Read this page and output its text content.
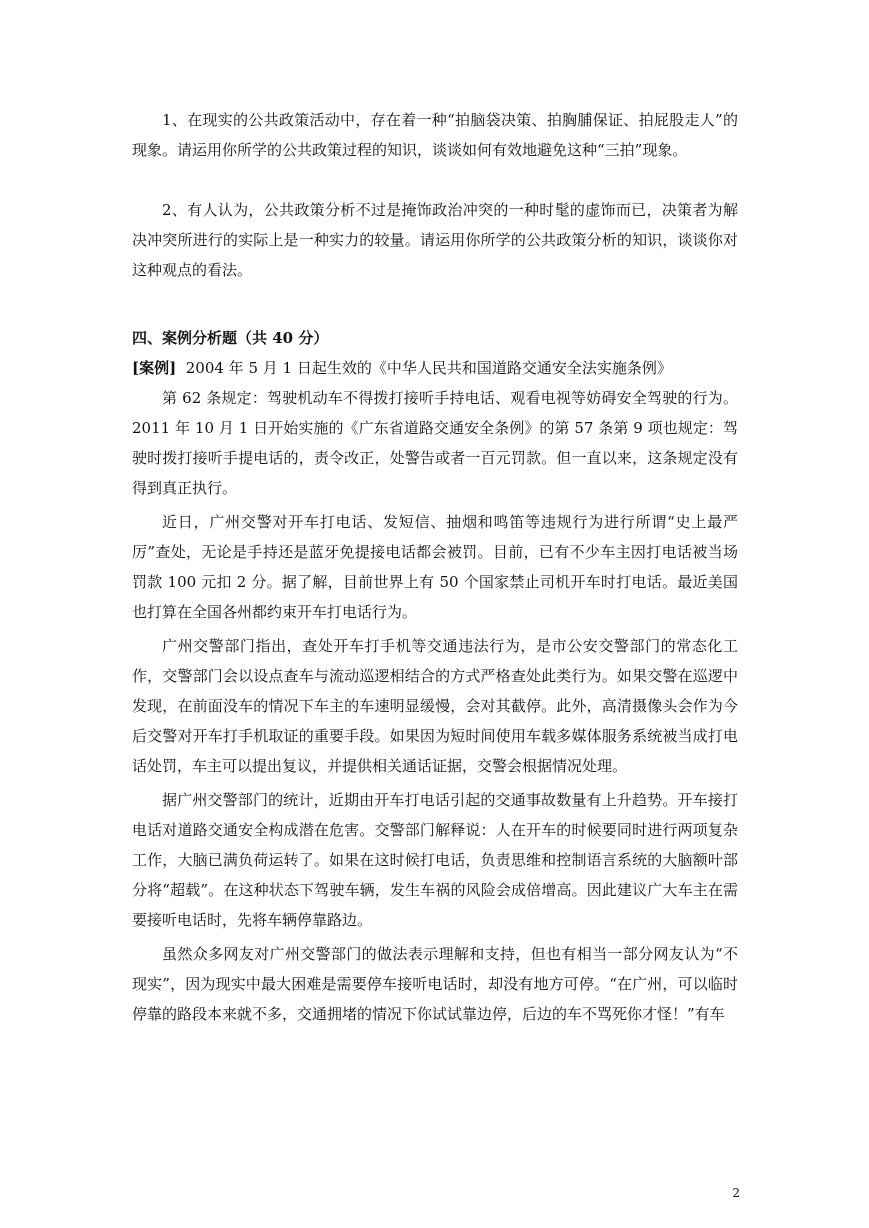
1、在现实的公共政策活动中，存在着一种“拍脑袋决策、拍胸脯保证、拍屁股走人”的现象。请运用你所学的公共政策过程的知识，谈谈如何有效地避免这种“三拍”现象。

2、有人认为，公共政策分析不过是掩饰政治冲突的一种时髦的虚饰而已，决策者为解决冲突所进行的实际上是一种实力的较量。请运用你所学的公共政策分析的知识，谈谈你对这种观点的看法。

四、案例分析题（共 40 分）

[案例]  2004 年 5 月 1 日起生效的《中华人民共和国道路交通安全法实施条例》

第 62 条规定：驾驶机动车不得拨打接听手持电话、观看电视等妨碍安全驾驶的行为。2011 年 10 月 1 日开始实施的《广东省道路交通安全条例》的第 57 条第 9 项也规定：驾驶时拨打接听手提电话的，责令改正，处警告或者一百元罚款。但一直以来，这条规定没有得到真正执行。

近日，广州交警对开车打电话、发短信、抽烟和鸣笛等违规行为进行所谓“史上最严厉”查处，无论是手持还是蓝牙免提接电话都会被罚。目前，已有不少车主因打电话被当场罚款 100 元扣 2 分。据了解，目前世界上有 50 个国家禁止司机开车时打电话。最近美国也打算在全国各州都约束开车打电话行为。

广州交警部门指出，查处开车打手机等交通违法行为，是市公安交警部门的常态化工作，交警部门会以设点查车与流动巡逻相结合的方式严格查处此类行为。如果交警在巡逻中发现，在前面没车的情况下车主的车速明显缓慢，会对其截停。此外，高清摄像头会作为今后交警对开车打手机取证的重要手段。如果因为短时间使用车载多媒体服务系统被当成打电话处罚，车主可以提出复议，并提供相关通话证据，交警会根据情况处理。

据广州交警部门的统计，近期由开车打电话引起的交通事故数量有上升趋势。开车接打电话对道路交通安全构成潜在危害。交警部门解释说：人在开车的时候要同时进行两项复杂工作，大脑已满负荷运转了。如果在这时候打电话，负责思维和控制语言系统的大脑额叶部分将“超载”。在这种状态下驾驶车辆，发生车祸的风险会成倍增高。因此建议广大车主在需要接听电话时，先将车辆停靠路边。

虽然众多网友对广州交警部门的做法表示理解和支持，但也有相当一部分网友认为“不现实”，因为现实中最大困难是需要停车接听电话时，却没有地方可停。“在广州，可以临时停靠的路段本来就不多，交通拥堵的情况下你试试靠边停，后边的车不骂死你才怪！”有车

2
